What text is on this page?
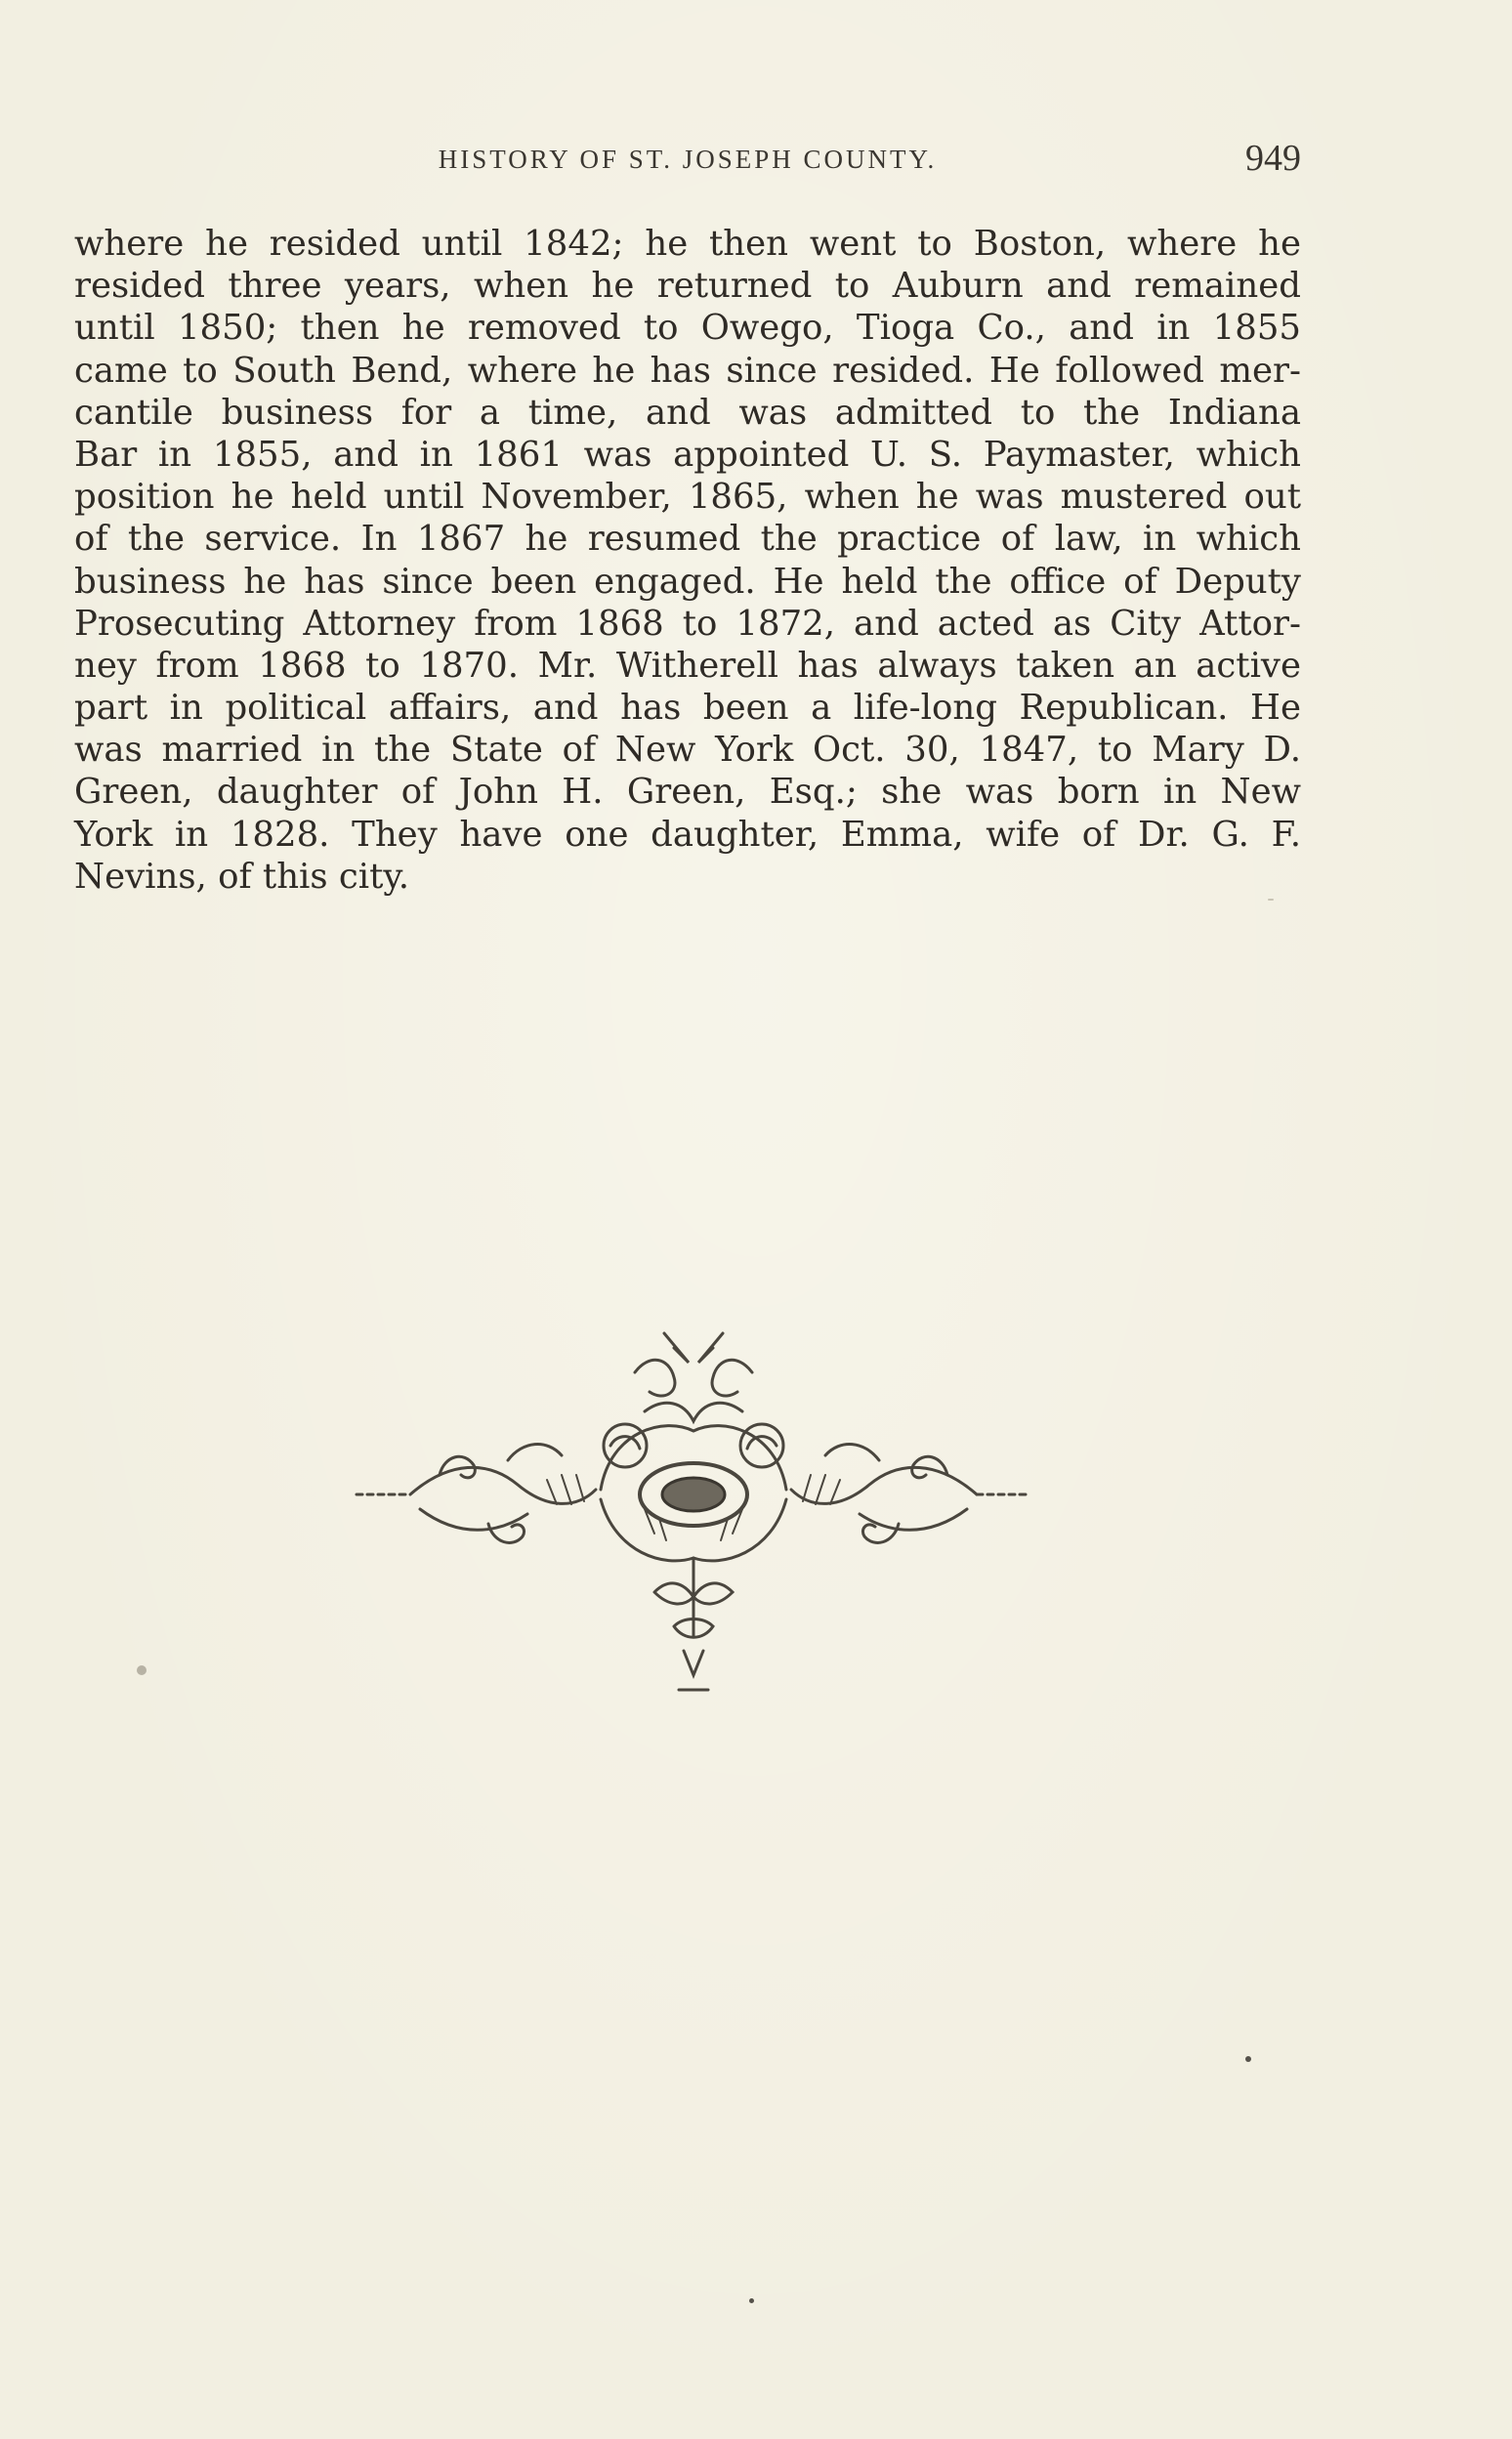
HISTORY OF ST. JOSEPH COUNTY.	949
where he resided until 1842; he then went to Boston, where he
resided three years, when he returned to Auburn and remained
until 1850; then he removed to Owego, Tioga Co., and in 1855
came to South Bend, where he has since resided. He followed mer-
cantile business for a time, and was admitted to the Indiana
Bar in 1855, and in 1861 was appointed U. S. Paymaster, which
position he held until November, 1865, when he was mustered out
of the service. In 1867 he resumed the practice of law, in which
business he has since been engaged. He held the office of Deputy
Prosecuting Attorney from 1868 to 1872, and acted as City Attor-
ney from 1868 to 1870. Mr. Witherell has always taken an active
part in political affairs, and has been a life-long Republican. He
was married in the State of New York Oct. 30, 1847, to Mary D.
Green, daughter of John H. Green, Esq.; she was born in New
York in 1828. They have one daughter, Emma, wife of Dr. G. F.
Nevins, of this city.
